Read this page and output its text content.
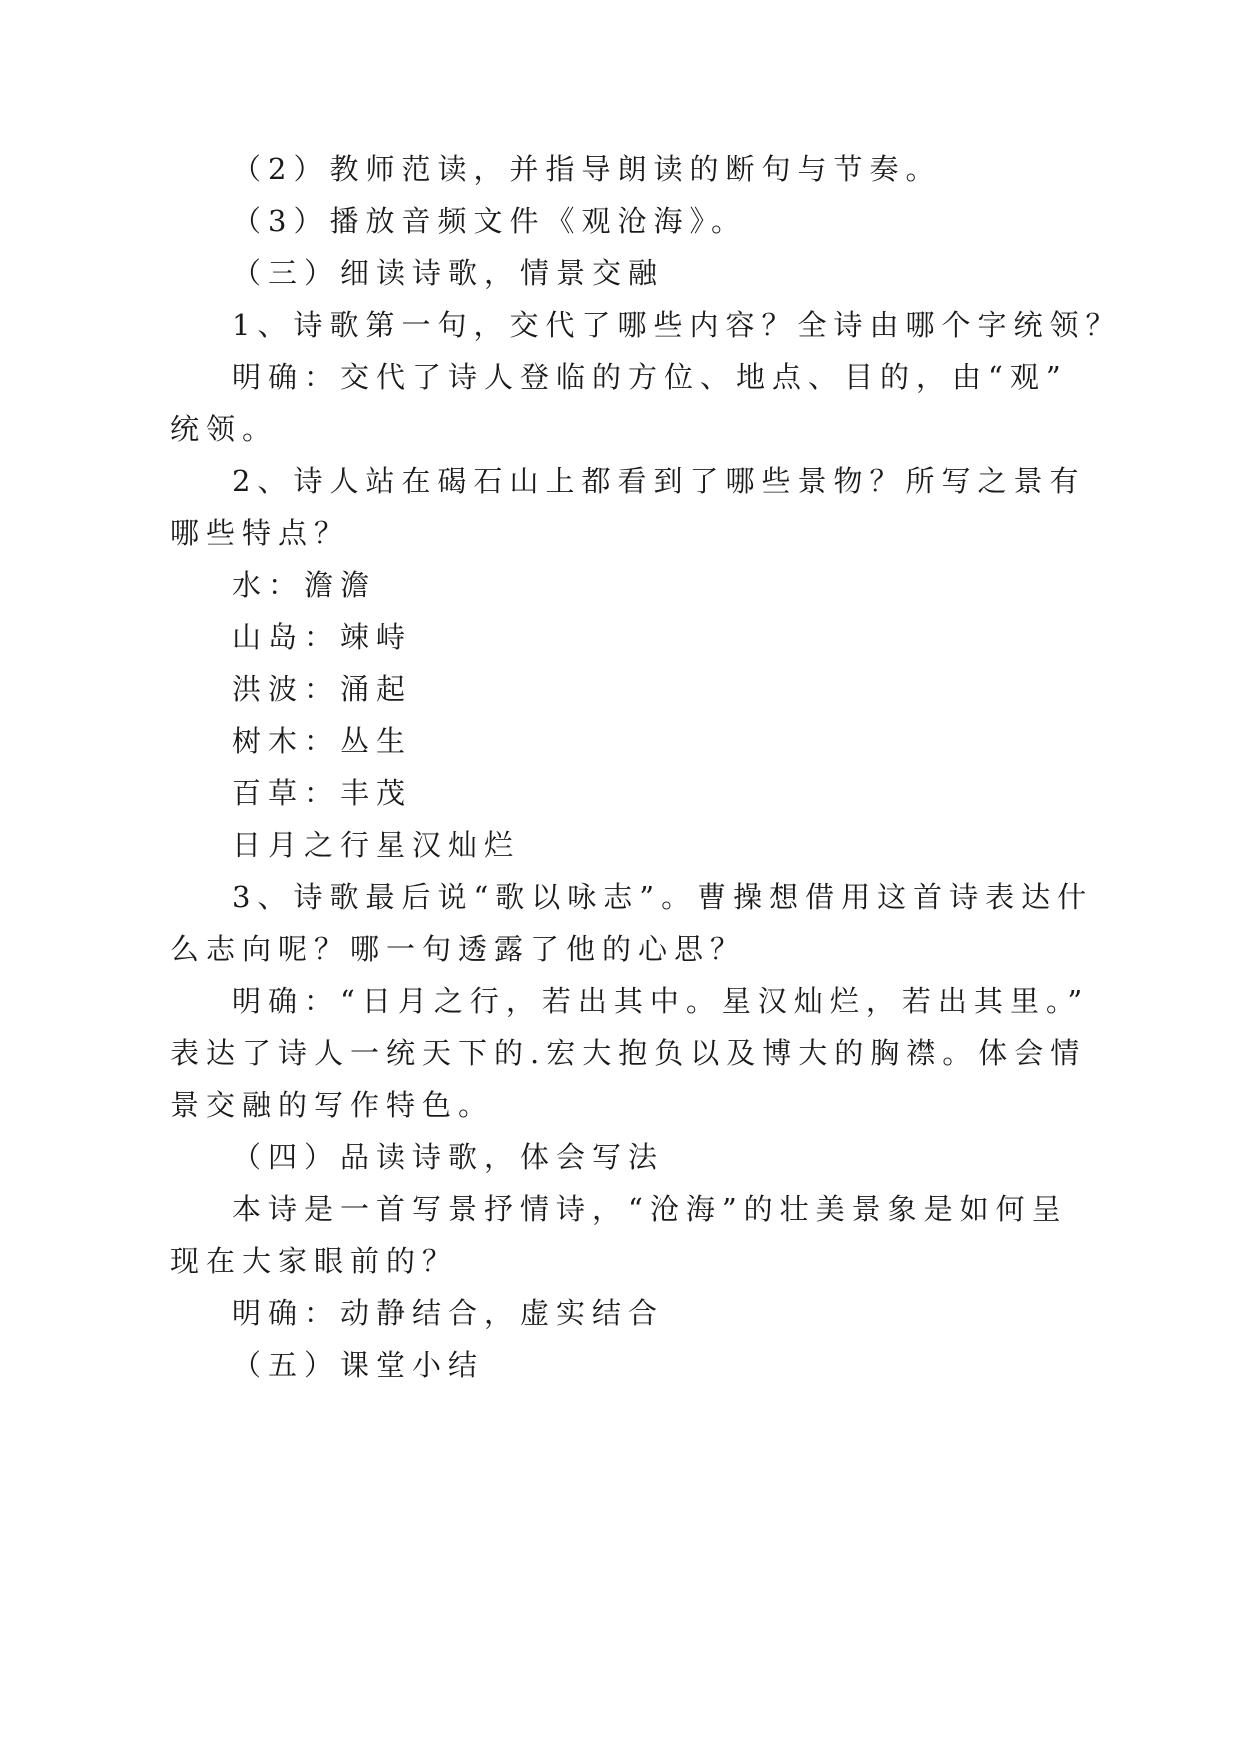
（2）教师范读，并指导朗读的断句与节奏。
（3）播放音频文件《观沧海》。
（三）细读诗歌，情景交融
1、诗歌第一句，交代了哪些内容？全诗由哪个字统领？
明确：交代了诗人登临的方位、地点、目的，由“观”
统领。
2、诗人站在碣石山上都看到了哪些景物？所写之景有
哪些特点？
水：澹澹
山岛：竦峙
洪波：涌起
树木：丛生
百草：丰茂
日月之行星汉灿烂
3、诗歌最后说“歌以咏志”。曹操想借用这首诗表达什
么志向呢？哪一句透露了他的心思？
明确：“日月之行，若出其中。星汉灿烂，若出其里。”
表达了诗人一统天下的.宏大抱负以及博大的胸襟。体会情
景交融的写作特色。
（四）品读诗歌，体会写法
本诗是一首写景抒情诗，“沧海”的壮美景象是如何呈
现在大家眼前的？
明确：动静结合，虚实结合
（五）课堂小结
